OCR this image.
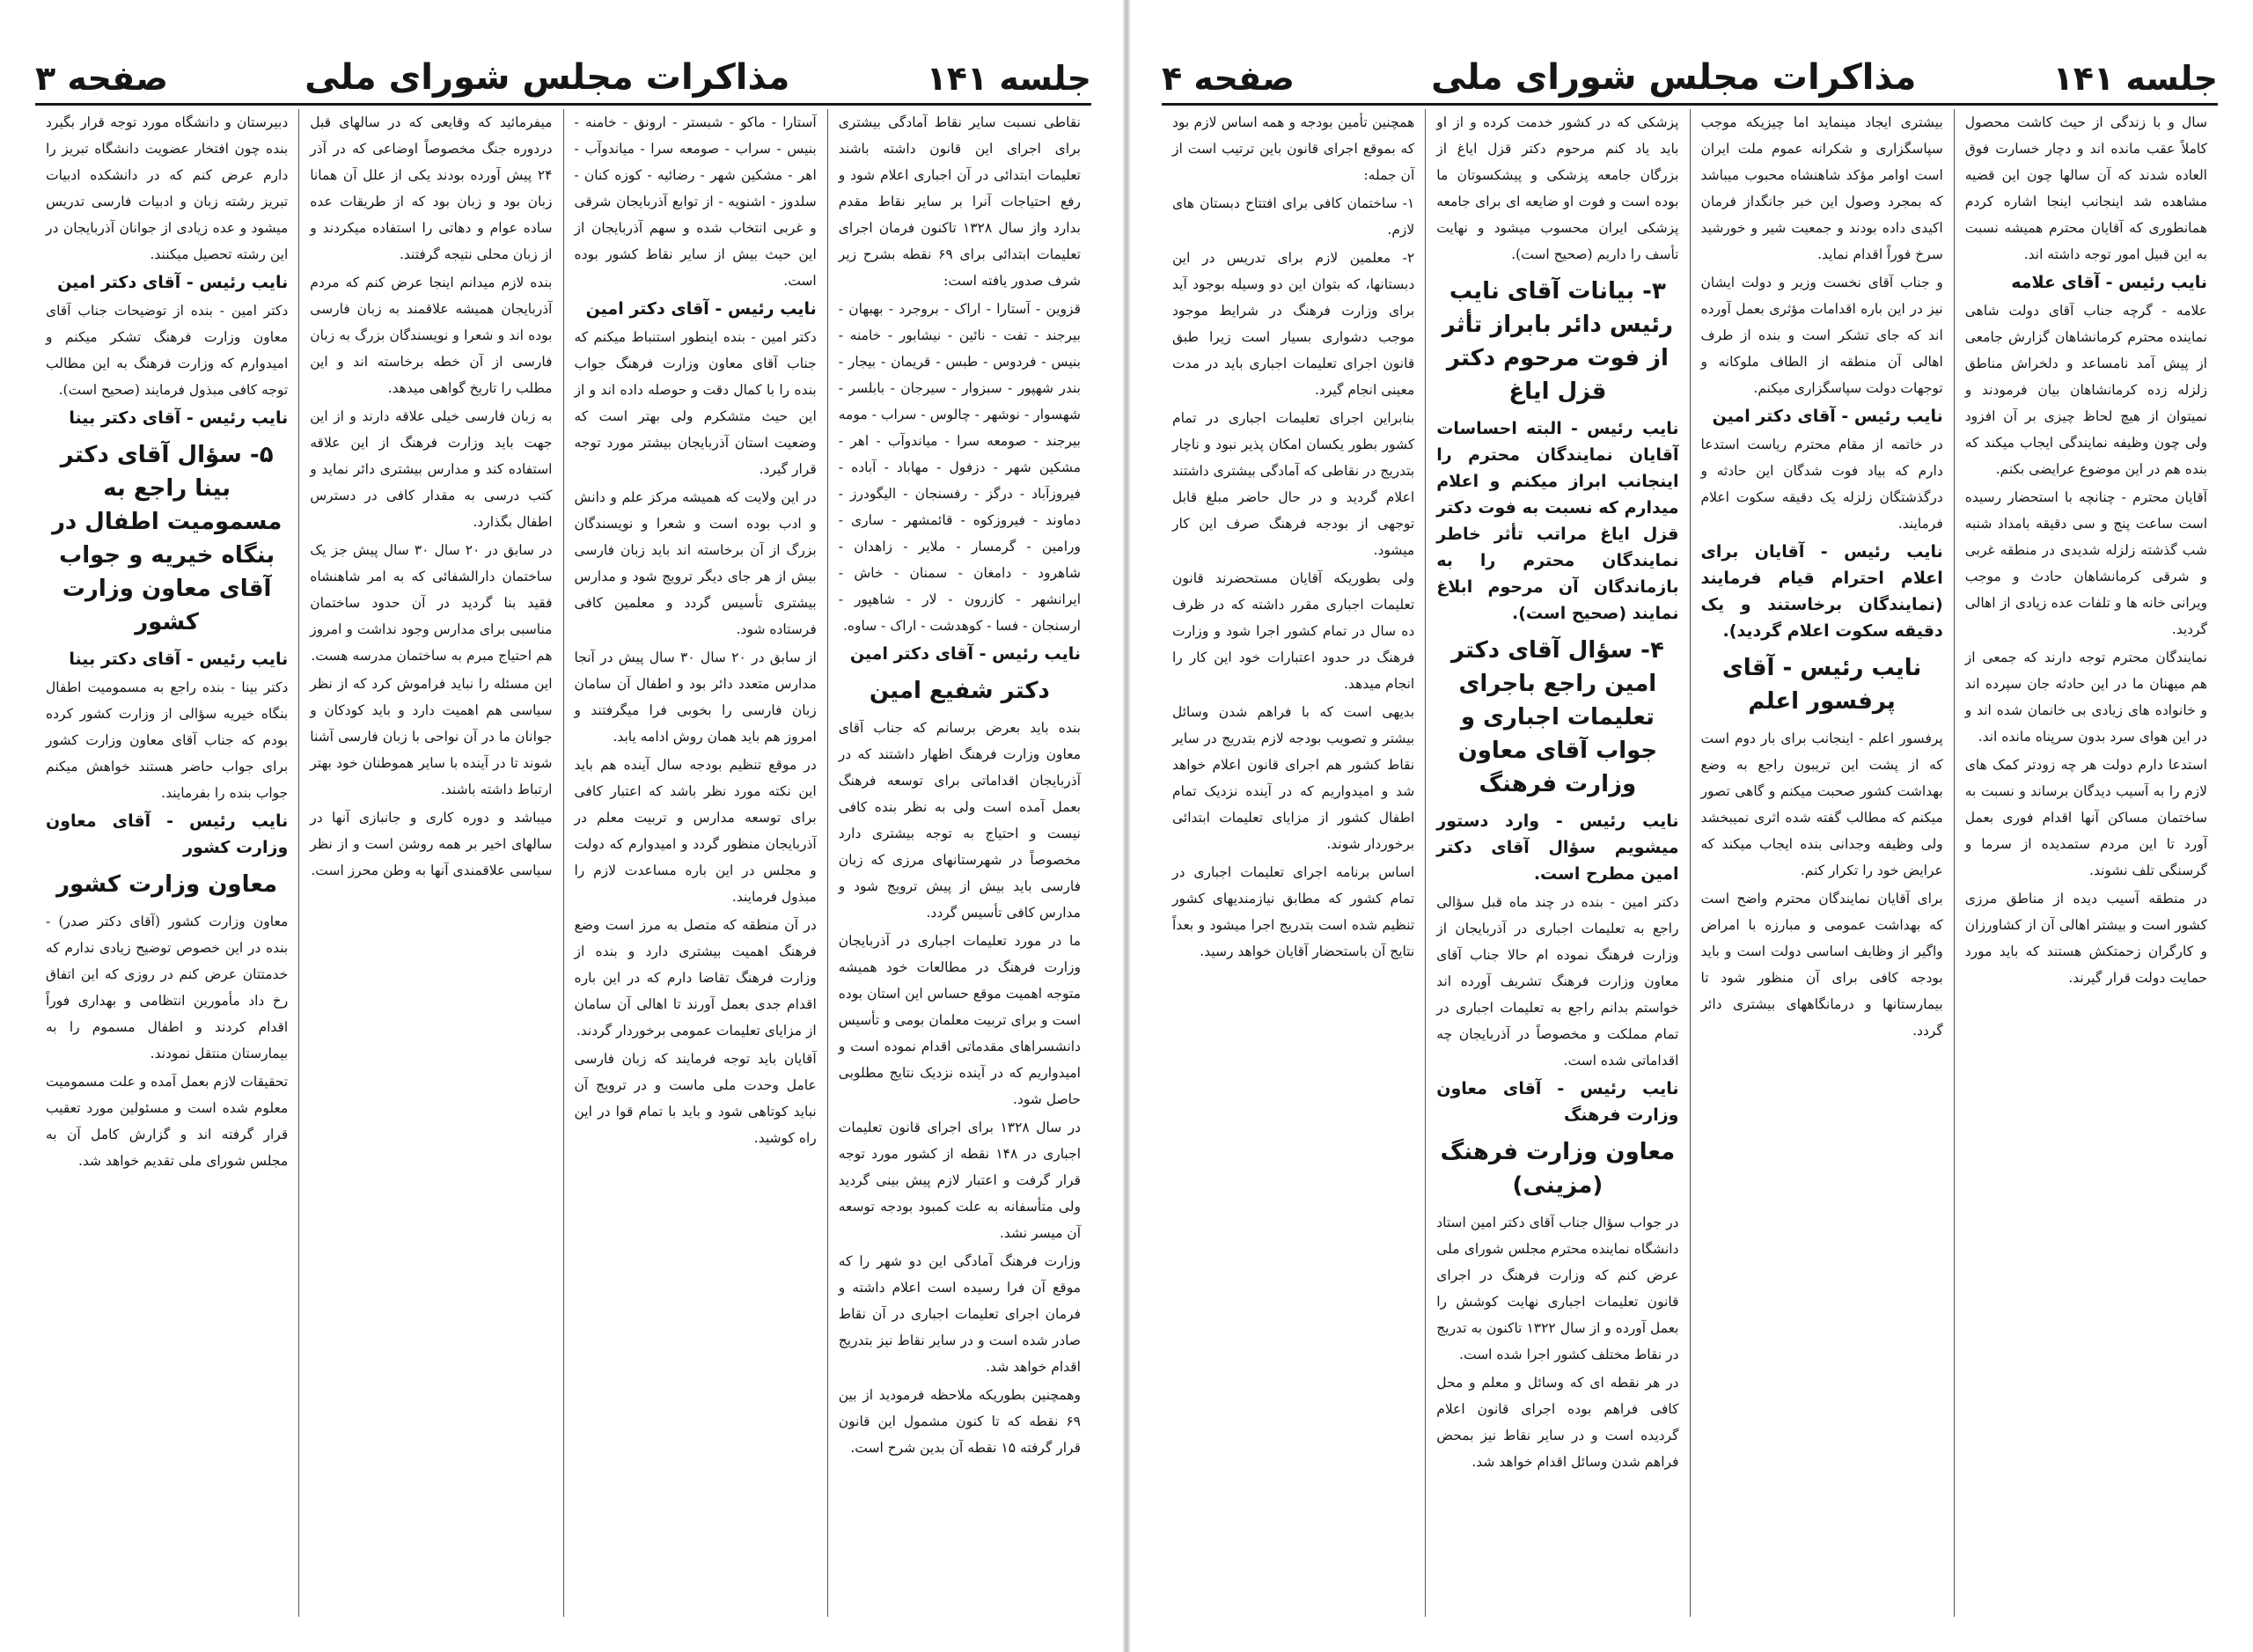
جلسه ۱۴۱
مذاکرات مجلس شورای ملی
صفحه ۳

نقاطی نسبت سایر نقاط آمادگی بیشتری برای اجرای این قانون داشته باشند تعلیمات ابتدائی در آن اجباری اعلام شود و رفع احتیاجات آنرا بر سایر نقاط مقدم بدارد واز سال ۱۳۲۸ تاکنون فرمان اجرای تعلیمات ابتدائی برای ۶۹ نقطه بشرح زیر شرف صدور یافته است:

قزوین - آستارا - اراک - بروجرد - بهبهان - بیرجند - تفت - نائین - نیشابور - خامنه - بنیس - فردوس - طبس - قریمان - بیجار - بندر شهپور - سبزوار - سیرجان - بابلسر - شهسوار - نوشهر - چالوس - سراب - مومه بیرجند - صومعه سرا - میاندوآب - اهر - مشکین شهر - دزفول - مهاباد - آباده - فیروزآباد - درگز - رفسنجان - الیگودرز - دماوند - فیروزکوه - قائمشهر - ساری - ورامین - گرمسار - ملایر - زاهدان - شاهرود - دامغان - سمنان - خاش - ایرانشهر - کازرون - لار - شاهپور - ارسنجان - فسا - کوهدشت - اراک - ساوه.

نایب رئیس - آقای دکتر امین

دکتر شفیع امین

بنده باید بعرض برسانم که جناب آقای معاون وزارت فرهنگ اظهار داشتند که در آذربایجان اقداماتی برای توسعه فرهنگ بعمل آمده است ولی به نظر بنده کافی نیست و احتیاج به توجه بیشتری دارد مخصوصاً در شهرستانهای مرزی که زبان فارسی باید بیش از پیش ترویج شود و مدارس کافی تأسیس گردد.

ما در مورد تعلیمات اجباری در آذربایجان وزارت فرهنگ در مطالعات خود همیشه متوجه اهمیت موقع حساس این استان بوده است و برای تربیت معلمان بومی و تأسیس دانشسراهای مقدماتی اقدام نموده است و امیدواریم که در آینده نزدیک نتایج مطلوبی حاصل شود.

در سال ۱۳۲۸ برای اجرای قانون تعلیمات اجباری در ۱۴۸ نقطه از کشور مورد توجه قرار گرفت و اعتبار لازم پیش بینی گردید ولی متأسفانه به علت کمبود بودجه توسعه آن میسر نشد.

وزارت فرهنگ آمادگی این دو شهر را که موقع آن فرا رسیده است اعلام داشته و فرمان اجرای تعلیمات اجباری در آن نقاط صادر شده است و در سایر نقاط نیز بتدریج اقدام خواهد شد.

وهمچنین بطوریکه ملاحظه فرمودید از بین ۶۹ نقطه که تا کنون مشمول این قانون قرار گرفته ۱۵ نقطه آن بدین شرح است.

آستارا - ماکو - شبستر - ارونق - خامنه - بنیس - سراب - صومعه سرا - میاندوآب - اهر - مشکین شهر - رضائیه - کوزه کنان - سلدوز - اشنویه - از توابع آذربایجان شرقی و غربی انتخاب شده و سهم آذربایجان از این حیث بیش از سایر نقاط کشور بوده است.

نایب رئیس - آقای دکتر امین

دکتر امین - بنده اینطور استنباط میکنم که جناب آقای معاون وزارت فرهنگ جواب بنده را با کمال دقت و حوصله داده اند و از این حیث متشکرم ولی بهتر است که وضعیت استان آذربایجان بیشتر مورد توجه قرار گیرد.

در این ولایت که همیشه مرکز علم و دانش و ادب بوده است و شعرا و نویسندگان بزرگ از آن برخاسته اند باید زبان فارسی بیش از هر جای دیگر ترویج شود و مدارس بیشتری تأسیس گردد و معلمین کافی فرستاده شود.

از سابق در ۲۰ سال ۳۰ سال پیش در آنجا مدارس متعدد دائر بود و اطفال آن سامان زبان فارسی را بخوبی فرا میگرفتند و امروز هم باید همان روش ادامه یابد.

در موقع تنظیم بودجه سال آینده هم باید این نکته مورد نظر باشد که اعتبار کافی برای توسعه مدارس و تربیت معلم در آذربایجان منظور گردد و امیدوارم که دولت و مجلس در این باره مساعدت لازم را مبذول فرمایند.

در آن منطقه که متصل به مرز است وضع فرهنگ اهمیت بیشتری دارد و بنده از وزارت فرهنگ تقاضا دارم که در این باره اقدام جدی بعمل آورند تا اهالی آن سامان از مزایای تعلیمات عمومی برخوردار گردند.

آقایان باید توجه فرمایند که زبان فارسی عامل وحدت ملی ماست و در ترویج آن نباید کوتاهی شود و باید با تمام قوا در این راه کوشید.

میفرمائید که وقایعی که در سالهای قبل دردوره جنگ مخصوصاً اوضاعی که در آذر ۲۴ پیش آورده بودند یکی از علل آن همانا زبان بود و زبان بود که از طریقات عده ساده عوام و دهاتی را استفاده میکردند و از زبان محلی نتیجه گرفتند.

بنده لازم میدانم اینجا عرض کنم که مردم آذربایجان همیشه علاقمند به زبان فارسی بوده اند و شعرا و نویسندگان بزرگ به زبان فارسی از آن خطه برخاسته اند و این مطلب را تاریخ گواهی میدهد.

به زبان فارسی خیلی علاقه دارند و از این جهت باید وزارت فرهنگ از این علاقه استفاده کند و مدارس بیشتری دائر نماید و کتب درسی به مقدار کافی در دسترس اطفال بگذارد.

در سابق در ۲۰ سال ۳۰ سال پیش جز یک ساختمان دارالشفائی که به امر شاهنشاه فقید بنا گردید در آن حدود ساختمان مناسبی برای مدارس وجود نداشت و امروز هم احتیاج مبرم به ساختمان مدرسه هست.

این مسئله را نباید فراموش کرد که از نظر سیاسی هم اهمیت دارد و باید کودکان و جوانان ما در آن نواحی با زبان فارسی آشنا شوند تا در آینده با سایر هموطنان خود بهتر ارتباط داشته باشند.

میباشد و دوره کاری و جانبازی آنها در سالهای اخیر بر همه روشن است و از نظر سیاسی علاقمندی آنها به وطن محرز است.

دبیرستان و دانشگاه مورد توجه قرار بگیرد بنده چون افتخار عضویت دانشگاه تبریز را دارم عرض کنم که در دانشکده ادبیات تبریز رشته زبان و ادبیات فارسی تدریس میشود و عده زیادی از جوانان آذربایجان در این رشته تحصیل میکنند.

نایب رئیس - آقای دکتر امین

دکتر امین - بنده از توضیحات جناب آقای معاون وزارت فرهنگ تشکر میکنم و امیدوارم که وزارت فرهنگ به این مطالب توجه کافی مبذول فرمایند (صحیح است).

نایب رئیس - آقای دکتر بینا

۵- سؤال آقای دکتر بینا راجع به مسمومیت اطفال در بنگاه خیریه و جواب آقای معاون وزارت کشور

نایب رئیس - آقای دکتر بینا

دکتر بینا - بنده راجع به مسمومیت اطفال بنگاه خیریه سؤالی از وزارت کشور کرده بودم که جناب آقای معاون وزارت کشور برای جواب حاضر هستند خواهش میکنم جواب بنده را بفرمایند.

نایب رئیس - آقای معاون وزارت کشور

معاون وزارت کشور

معاون وزارت کشور (آقای دکتر صدر) - بنده در این خصوص توضیح زیادی ندارم که خدمتتان عرض کنم در روزی که این اتفاق رخ داد مأمورین انتظامی و بهداری فوراً اقدام کردند و اطفال مسموم را به بیمارستان منتقل نمودند.

تحقیقات لازم بعمل آمده و علت مسمومیت معلوم شده است و مسئولین مورد تعقیب قرار گرفته اند و گزارش کامل آن به مجلس شورای ملی تقدیم خواهد شد.

جلسه ۱۴۱
مذاکرات مجلس شورای ملی
صفحه ۴

سال و با زندگی از حیث کاشت محصول کاملاً عقب مانده اند و دچار خسارت فوق العاده شدند که آن سالها چون این قضیه مشاهده شد اینجانب اینجا اشاره کردم همانطوری که آقایان محترم همیشه نسبت به این قبیل امور توجه داشته اند.

نایب رئیس - آقای علامه

علامه - گرچه جناب آقای دولت شاهی نماینده محترم کرمانشاهان گزارش جامعی از پیش آمد نامساعد و دلخراش مناطق زلزله زده کرمانشاهان بیان فرمودند و نمیتوان از هیچ لحاظ چیزی بر آن افزود ولی چون وظیفه نمایندگی ایجاب میکند که بنده هم در این موضوع عرایضی بکنم.

آقایان محترم - چنانچه با استحضار رسیده است ساعت پنج و سی دقیقه بامداد شنبه شب گذشته زلزله شدیدی در منطقه غربی و شرقی کرمانشاهان حادث و موجب ویرانی خانه ها و تلفات عده زیادی از اهالی گردید.

نمایندگان محترم توجه دارند که جمعی از هم میهنان ما در این حادثه جان سپرده اند و خانواده های زیادی بی خانمان شده اند و در این هوای سرد بدون سرپناه مانده اند.

استدعا دارم دولت هر چه زودتر کمک های لازم را به آسیب دیدگان برساند و نسبت به ساختمان مساکن آنها اقدام فوری بعمل آورد تا این مردم ستمدیده از سرما و گرسنگی تلف نشوند.

در منطقه آسیب دیده از مناطق مرزی کشور است و بیشتر اهالی آن از کشاورزان و کارگران زحمتکش هستند که باید مورد حمایت دولت قرار گیرند.

بیشتری ایجاد مینماید اما چیزیکه موجب سپاسگزاری و شکرانه عموم ملت ایران است اوامر مؤکد شاهنشاه محبوب میباشد که بمجرد وصول این خبر جانگداز فرمان اکیدی داده بودند و جمعیت شیر و خورشید سرخ فوراً اقدام نماید.

و جناب آقای نخست وزیر و دولت ایشان نیز در این باره اقدامات مؤثری بعمل آورده اند که جای تشکر است و بنده از طرف اهالی آن منطقه از الطاف ملوکانه و توجهات دولت سپاسگزاری میکنم.

نایب رئیس - آقای دکتر امین

در خاتمه از مقام محترم ریاست استدعا دارم که بیاد فوت شدگان این حادثه و درگذشتگان زلزله یک دقیقه سکوت اعلام فرمایند.

نایب رئیس - آقایان برای اعلام احترام قیام فرمایند (نمایندگان برخاستند و یک دقیقه سکوت اعلام گردید).

نایب رئیس - آقای پرفسور اعلم

پرفسور اعلم - اینجانب برای بار دوم است که از پشت این تریبون راجع به وضع بهداشت کشور صحبت میکنم و گاهی تصور میکنم که مطالب گفته شده اثری نمیبخشد ولی وظیفه وجدانی بنده ایجاب میکند که عرایض خود را تکرار کنم.

برای آقایان نمایندگان محترم واضح است که بهداشت عمومی و مبارزه با امراض واگیر از وظایف اساسی دولت است و باید بودجه کافی برای آن منظور شود تا بیمارستانها و درمانگاههای بیشتری دائر گردد.

پزشکی که در کشور خدمت کرده و از او باید یاد کنم مرحوم دکتر قزل ایاغ از بزرگان جامعه پزشکی و پیشکسوتان ما بوده است و فوت او ضایعه ای برای جامعه پزشکی ایران محسوب میشود و نهایت تأسف را داریم (صحیح است).

۳- بیانات آقای نایب رئیس دائر بابراز تأثر از فوت مرحوم دکتر قزل ایاغ

نایب رئیس - البته احساسات آقایان نمایندگان محترم را اینجانب ابراز میکنم و اعلام میدارم که نسبت به فوت دکتر قزل ایاغ مراتب تأثر خاطر نمایندگان محترم را به بازماندگان آن مرحوم ابلاغ نمایند (صحیح است).

۴- سؤال آقای دکتر امین راجع باجرای تعلیمات اجباری و جواب آقای معاون وزارت فرهنگ

نایب رئیس - وارد دستور میشویم سؤال آقای دکتر امین مطرح است.

دکتر امین - بنده در چند ماه قبل سؤالی راجع به تعلیمات اجباری در آذربایجان از وزارت فرهنگ نموده ام حالا جناب آقای معاون وزارت فرهنگ تشریف آورده اند خواستم بدانم راجع به تعلیمات اجباری در تمام مملکت و مخصوصاً در آذربایجان چه اقداماتی شده است.

نایب رئیس - آقای معاون وزارت فرهنگ

معاون وزارت فرهنگ (مزینی)

در جواب سؤال جناب آقای دکتر امین استاد دانشگاه نماینده محترم مجلس شورای ملی عرض کنم که وزارت فرهنگ در اجرای قانون تعلیمات اجباری نهایت کوشش را بعمل آورده و از سال ۱۳۲۲ تاکنون به تدریج در نقاط مختلف کشور اجرا شده است.

در هر نقطه ای که وسائل و معلم و محل کافی فراهم بوده اجرای قانون اعلام گردیده است و در سایر نقاط نیز بمحض فراهم شدن وسائل اقدام خواهد شد.

همچنین تأمین بودجه و همه اساس لازم بود که بموقع اجرای قانون باین ترتیب است از آن جمله:

۱- ساختمان کافی برای افتتاح دبستان های لازم.

۲- معلمین لازم برای تدریس در این دبستانها، که بتوان این دو وسیله بوجود آید برای وزارت فرهنگ در شرایط موجود موجب دشواری بسیار است زیرا طبق قانون اجرای تعلیمات اجباری باید در مدت معینی انجام گیرد.

بنابراین اجرای تعلیمات اجباری در تمام کشور بطور یکسان امکان پذیر نبود و ناچار بتدریج در نقاطی که آمادگی بیشتری داشتند اعلام گردید و در حال حاضر مبلغ قابل توجهی از بودجه فرهنگ صرف این کار میشود.

ولی بطوریکه آقایان مستحضرند قانون تعلیمات اجباری مقرر داشته که در ظرف ده سال در تمام کشور اجرا شود و وزارت فرهنگ در حدود اعتبارات خود این کار را انجام میدهد.

بدیهی است که با فراهم شدن وسائل بیشتر و تصویب بودجه لازم بتدریج در سایر نقاط کشور هم اجرای قانون اعلام خواهد شد و امیدواریم که در آینده نزدیک تمام اطفال کشور از مزایای تعلیمات ابتدائی برخوردار شوند.

اساس برنامه اجرای تعلیمات اجباری در تمام کشور که مطابق نیازمندیهای کشور تنظیم شده است بتدریج اجرا میشود و بعداً نتایج آن باستحضار آقایان خواهد رسید.
